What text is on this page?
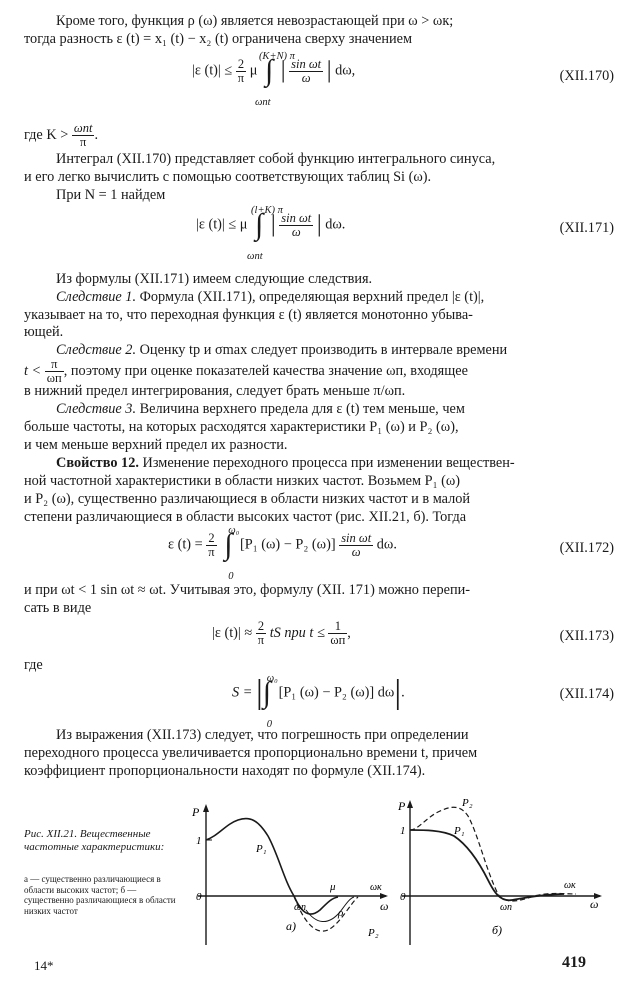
Кроме того, функция ρ (ω) является невозрастающей при ω > ωк;
тогда разность ε (t) = x₁ (t) − x₂ (t) ограничена сверху значением
|ε $(t)| \le \frac{2}{\pi}$ μ ∫
(K+N) π
ωпt
| $\frac{\text{sin ωt}}{\omega}$ | dω,	(XII.170)
где $K > \frac{\text{ωпt}}{\pi}$ .
Интеграл (XII.170) представляет собой функцию интегрального синуса,
и его легко вычислить с помощью соответствующих таблиц Si (ω).
При N = 1 найдем
|ε (t)| ≤ μ ∫
(l+K) π
ωпt
| $\frac{\text{sin ωt}}{\omega}$ | dω.	(XII.171)
Из формулы (XII.171) имеем следующие следствия.
Следствие 1. Формула (XII.171), определяющая верхний предел |ε (t)|,
указывает на то, что переходная функция ε (t) является монотонно убыва-
ющей.
Следствие 2. Оценку tр и σmax следует производить в интервале времени
$t < \frac{\pi}{\omega п}$ , поэтому при оценке показателей качества значение ωп, входящее
в нижний предел интегрирования, следует брать меньше π/ωп.
Следствие 3. Величина верхнего предела для ε (t) тем меньше, чем
больше частоты, на которых расходятся характеристики P₁ (ω) и P₂ (ω),
и чем меньше верхний предел их разности.
Свойство 12. Изменение переходного процесса при изменении веществен-
ной частотной характеристики в области низких частот. Возьмем P₁ (ω)
и P₂ (ω), существенно различающиеся в области низких частот и в малой
степени различающиеся в области высоких частот (рис. XII.21, б). Тогда
ε $(t) = \frac{2}{\pi}$ ∫
ω₀
0
[P₁ (ω) − P₂ $(\omega)] \frac{\text{sin ωt}}{\omega} d\omega$.	(XII.172)
и при ωt < 1 sin ωt ≈ ωt. Учитывая это, формулу (XII. 171) можно перепи-
сать в виде
|ε $(t)| \approx \frac{2}{\pi}$ tS при $t \le \frac{1}{\omega п}$ ,	(XII.173)
где
S = |∫
ω₀
0
[P₁ (ω) − P₂ (ω)] dω|.	(XII.174)
Из выражения (XII.173) следует, что погрешность при определении
переходного процесса увеличивается пропорционально времени t, причем
коэффициент пропорциональности находят по формуле (XII.174).
Рис. XII.21. Вещественные частотные характеристики:
а — существенно различающиеся в области высоких частот; б — существенно различающиеся в области низких частот
P
1
0
P₁
P₂
μ
ρ
ωк
ωп	ω
а)
P
1
0
P₁
P₂
ωк
ωп	ω
б)
14*	419
